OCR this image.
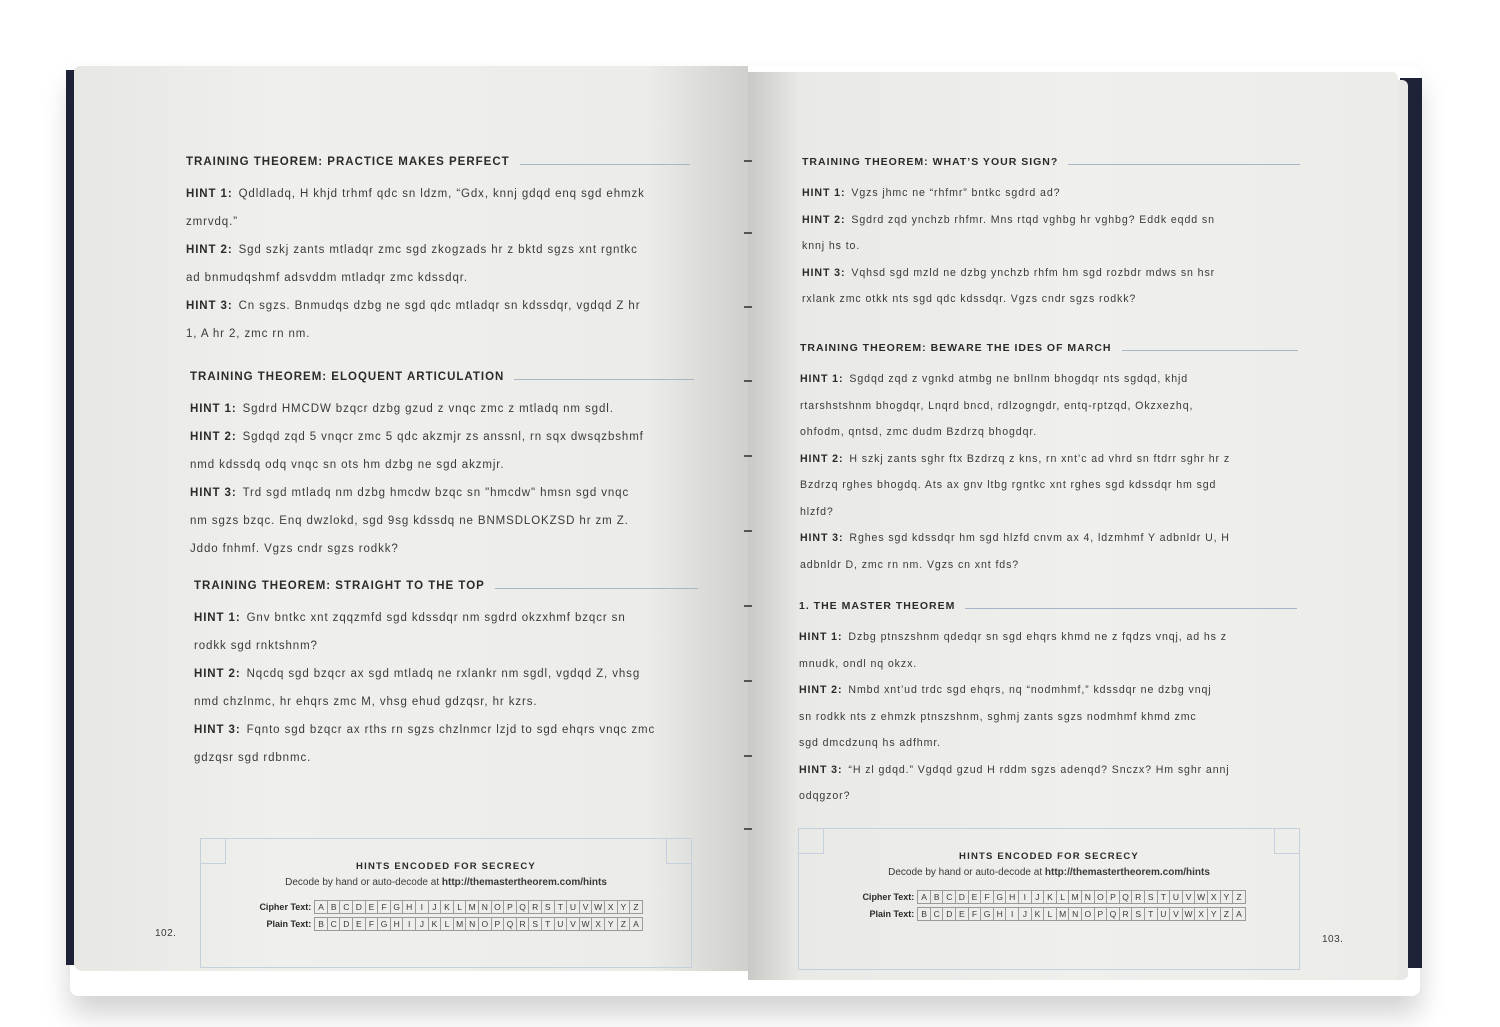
TRAINING THEOREM: PRACTICE MAKES PERFECT

HINT 1: Qdldladq, H khjd trhmf qdc sn ldzm, “Gdx, knnj gdqd enq sgd ehmzk

zmrvdq.”

HINT 2: Sgd szkj zants mtladqr zmc sgd zkogzads hr z bktd sgzs xnt rgntkc

ad bnmudqshmf adsvddm mtladqr zmc kdssdqr.

HINT 3: Cn sgzs. Bnmudqs dzbg ne sgd qdc mtladqr sn kdssdqr, vgdqd Z hr

1, A hr 2, zmc rn nm.

TRAINING THEOREM: ELOQUENT ARTICULATION

HINT 1: Sgdrd HMCDW bzqcr dzbg gzud z vnqc zmc z mtladq nm sgdl.

HINT 2: Sgdqd zqd 5 vnqcr zmc 5 qdc akzmjr zs anssnl, rn sqx dwsqzbshmf

nmd kdssdq odq vnqc sn ots hm dzbg ne sgd akzmjr.

HINT 3: Trd sgd mtladq nm dzbg hmcdw bzqc sn "hmcdw" hmsn sgd vnqc

nm sgzs bzqc. Enq dwzlokd, sgd 9sg kdssdq ne BNMSDLOKZSD hr zm Z.

Jddo fnhmf. Vgzs cndr sgzs rodkk?

TRAINING THEOREM: STRAIGHT TO THE TOP

HINT 1: Gnv bntkc xnt zqqzmfd sgd kdssdqr nm sgdrd okzxhmf bzqcr sn

rodkk sgd rnktshnm?

HINT 2: Nqcdq sgd bzqcr ax sgd mtladq ne rxlankr nm sgdl, vgdqd Z, vhsg

nmd chzlnmc, hr ehqrs zmc M, vhsg ehud gdzqsr, hr kzrs.

HINT 3: Fqnto sgd bzqcr ax rths rn sgzs chzlnmcr lzjd to sgd ehqrs vnqc zmc

gdzqsr sgd rdbnmc.

TRAINING THEOREM: WHAT’S YOUR SIGN?

HINT 1: Vgzs jhmc ne “rhfmr” bntkc sgdrd ad?

HINT 2: Sgdrd zqd ynchzb rhfmr. Mns rtqd vghbg hr vghbg? Eddk eqdd sn

knnj hs to.

HINT 3: Vqhsd sgd mzld ne dzbg ynchzb rhfm hm sgd rozbdr mdws sn hsr

rxlank zmc otkk nts sgd qdc kdssdqr. Vgzs cndr sgzs rodkk?

TRAINING THEOREM: BEWARE THE IDES OF MARCH

HINT 1: Sgdqd zqd z vgnkd atmbg ne bnllnm bhogdqr nts sgdqd, khjd

rtarshstshnm bhogdqr, Lnqrd bncd, rdlzogngdr, entq-rptzqd, Okzxezhq,

ohfodm, qntsd, zmc dudm Bzdrzq bhogdqr.

HINT 2: H szkj zants sghr ftx Bzdrzq z kns, rn xnt’c ad vhrd sn ftdrr sghr hr z

Bzdrzq rghes bhogdq. Ats ax gnv ltbg rgntkc xnt rghes sgd kdssdqr hm sgd

hlzfd?

HINT 3: Rghes sgd kdssdqr hm sgd hlzfd cnvm ax 4, ldzmhmf Y adbnldr U, H

adbnldr D, zmc rn nm. Vgzs cn xnt fds?

1. THE MASTER THEOREM

HINT 1: Dzbg ptnszshnm qdedqr sn sgd ehqrs khmd ne z fqdzs vnqj, ad hs z

mnudk, ondl nq okzx.

HINT 2: Nmbd xnt’ud trdc sgd ehqrs, nq “nodmhmf,” kdssdqr ne dzbg vnqj

sn rodkk nts z ehmzk ptnszshnm, sghmj zants sgzs nodmhmf khmd zmc

sgd dmcdzunq hs adfhmr.

HINT 3: “H zl gdqd.” Vgdqd gzud H rddm sgzs adenqd? Snczx? Hm sghr annj

odqgzor?

HINTS ENCODED FOR SECRECY
Decode by hand or auto-decode at http://themastertheorem.com/hints
Cipher Text: A B C D E F G H I	J K L M N O P Q R S T U V W X Y Z
Plain Text: B C D E F G H I	J K L M N O P Q R S T U V W X Y Z A
102.
HINTS ENCODED FOR SECRECY
Decode by hand or auto-decode at http://themastertheorem.com/hints
Cipher Text: A B C D E F G H I	J K L M N O P Q R S T U V W X Y Z
Plain Text: B C D E F G H I	J K L M N O P Q R S T U V W X Y Z A
103.
